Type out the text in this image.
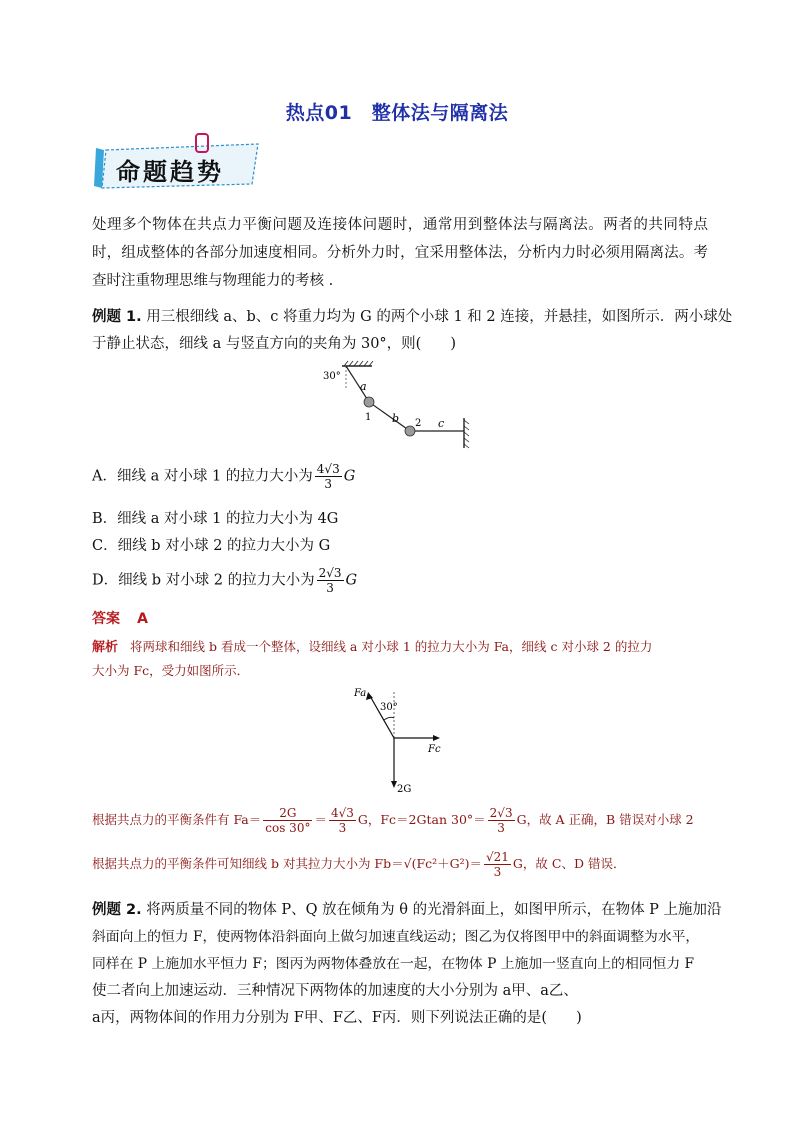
热点01　整体法与隔离法
命题趋势
处理多个物体在共点力平衡问题及连接体问题时，通常用到整体法与隔离法。两者的共同特点时，组成整体的各部分加速度相同。分析外力时，宜采用整体法，分析内力时必须用隔离法。考查时注重物理思维与物理能力的考核 .
例题 1. 用三根细线 a、b、c 将重力均为 G 的两个小球 1 和 2 连接，并悬挂，如图所示．两小球处
于静止状态，细线 a 与竖直方向的夹角为 30°，则(　　)
30°
a
b	c
1
2
A．细线 a 对小球 1 的拉力大小为 $\frac{4√3}{3}$ G
B．细线 a 对小球 1 的拉力大小为 4G
C．细线 b 对小球 2 的拉力大小为 G
D．细线 b 对小球 2 的拉力大小为 $\frac{2√3}{3}$ G
答案 A
解析 将两球和细线 b 看成一个整体，设细线 a 对小球 1 的拉力大小为 Fa，细线 c 对小球 2 的拉力
大小为 Fc，受力如图所示．
Fa
30°
Fc
2G
根据共点力的平衡条件有 $Fa= \frac{2G}{\cos 30^\circ} = \frac{4√3}{3}$ G，Fc＝2Gtan $30^\circ= \frac{2√3}{3}$ G，故 A 正确，B 错误对小球 2
根据共点力的平衡条件可知细线 b 对其拉力大小为 $Fb=√(Fc^2+G^2)= \frac{√21}{3}$ G，故 C、D 错误．
例题 2. 将两质量不同的物体 P、Q 放在倾角为 θ 的光滑斜面上，如图甲所示，在物体 P 上施加沿
斜面向上的恒力 F，使两物体沿斜面向上做匀加速直线运动；图乙为仅将图甲中的斜面调整为水平，
同样在 P 上施加水平恒力 F；图丙为两物体叠放在一起，在物体 P 上施加一竖直向上的相同恒力 F
使二者向上加速运动．三种情况下两物体的加速度的大小分别为 a甲、a乙、
a丙，两物体间的作用力分别为 F甲、F乙、F丙．则下列说法正确的是(　　)
